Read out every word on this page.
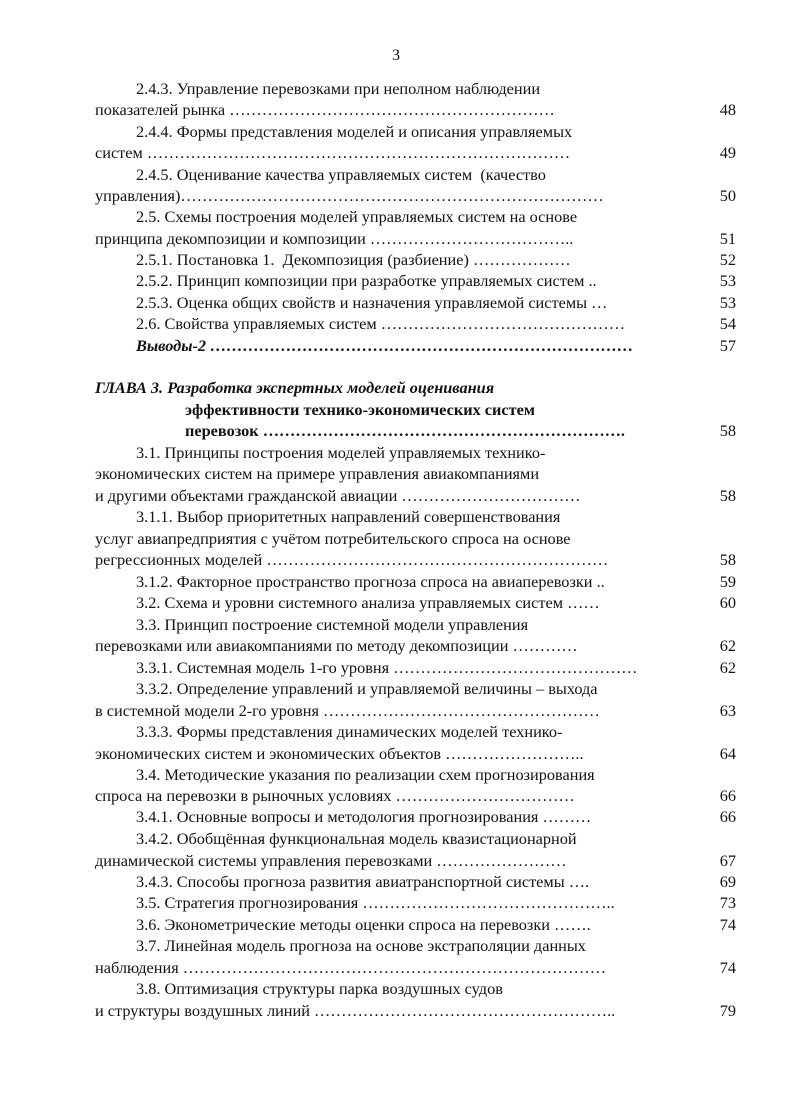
3

2.4.3. Управление перевозками при неполном наблюдении

показателей рынка ……………………………………………………

	48

2.4.4. Формы представления моделей и описания управляемых

систем ……………………………………………………………………

	49

2.4.5. Оценивание качества управляемых систем  (качество

управления)……………………………………………………………………

	50

2.5. Схемы построения моделей управляемых систем на основе

принципа декомпозиции и композиции ………………………………..

	51

2.5.1. Постановка 1.  Декомпозиция (разбиение) ………………

	52

2.5.2. Принцип композиции при разработке управляемых систем ..

	53

2.5.3. Оценка общих свойств и назначения управляемой системы …

	53

2.6. Свойства управляемых систем ………………………………………

	54

Выводы-2 ……………………………………………………………………

	57

ГЛАВА 3. Разработка экспертных моделей оценивания

эффективности технико-экономических систем

перевозок ………………………………………………………….

	58

3.1. Принципы построения моделей управляемых технико-

экономических систем на примере управления авиакомпаниями

и другими объектами гражданской авиации ……………………………

	58

3.1.1. Выбор приоритетных направлений совершенствования

услуг авиапредприятия с учётом потребительского спроса на основе

регрессионных моделей ………………………………………………………

	58

3.1.2. Факторное пространство прогноза спроса на авиаперевозки ..

	59

3.2. Схема и уровни системного анализа управляемых систем ……

	60

3.3. Принцип построение системной модели управления

перевозками или авиакомпаниями по методу декомпозиции …………

	62

3.3.1. Системная модель 1-го уровня ………………………………………

	62

3.3.2. Определение управлений и управляемой величины – выхода

в системной модели 2-го уровня ……………………………………………

	63

3.3.3. Формы представления динамических моделей технико-

экономических систем и экономических объектов ……………………..

	64

3.4. Методические указания по реализации схем прогнозирования

спроса на перевозки в рыночных условиях ……………………………

	66

3.4.1. Основные вопросы и методология прогнозирования ………

	66

3.4.2. Обобщённая функциональная модель квазистационарной

динамической системы управления перевозками ……………………

	67

3.4.3. Способы прогноза развития авиатранспортной системы ….

	69

3.5. Стратегия прогнозирования ………………………………………..

	73

3.6. Эконометрические методы оценки спроса на перевозки …….

	74

3.7. Линейная модель прогноза на основе экстраполяции данных

наблюдения ……………………………………………………………………

	74

3.8. Оптимизация структуры парка воздушных судов

и структуры воздушных линий ………………………………………………..

	79
